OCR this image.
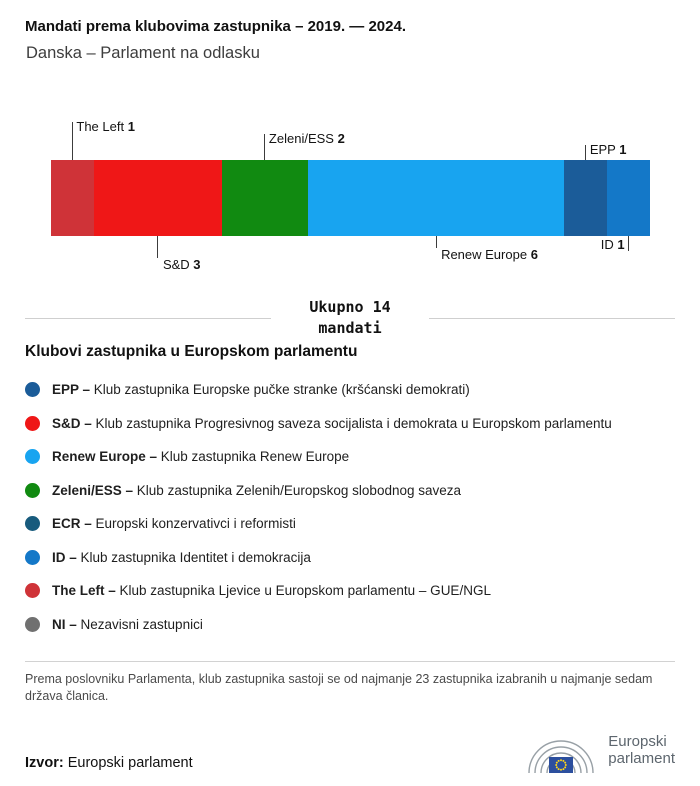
Mandati prema klubovima zastupnika – 2019. — 2024.
Danska – Parlament na odlasku
The Left 1
S&D 3
Zeleni/ESS 2
Renew Europe 6
EPP 1
ID 1
Ukupno 14
mandati
Klubovi zastupnika u Europskom parlamentu
EPP – Klub zastupnika Europske pučke stranke (kršćanski demokrati)
S&D – Klub zastupnika Progresivnog saveza socijalista i demokrata u Europskom parlamentu
Renew Europe – Klub zastupnika Renew Europe
Zeleni/ESS – Klub zastupnika Zelenih/Europskog slobodnog saveza
ECR – Europski konzervativci i reformisti
ID – Klub zastupnika Identitet i demokracija
The Left – Klub zastupnika Ljevice u Europskom parlamentu – GUE/NGL
NI – Nezavisni zastupnici
Prema poslovniku Parlamenta, klub zastupnika sastoji se od najmanje 23 zastupnika izabranih u najmanje sedam država članica.
Izvor: Europski parlament
Europski
parlament
